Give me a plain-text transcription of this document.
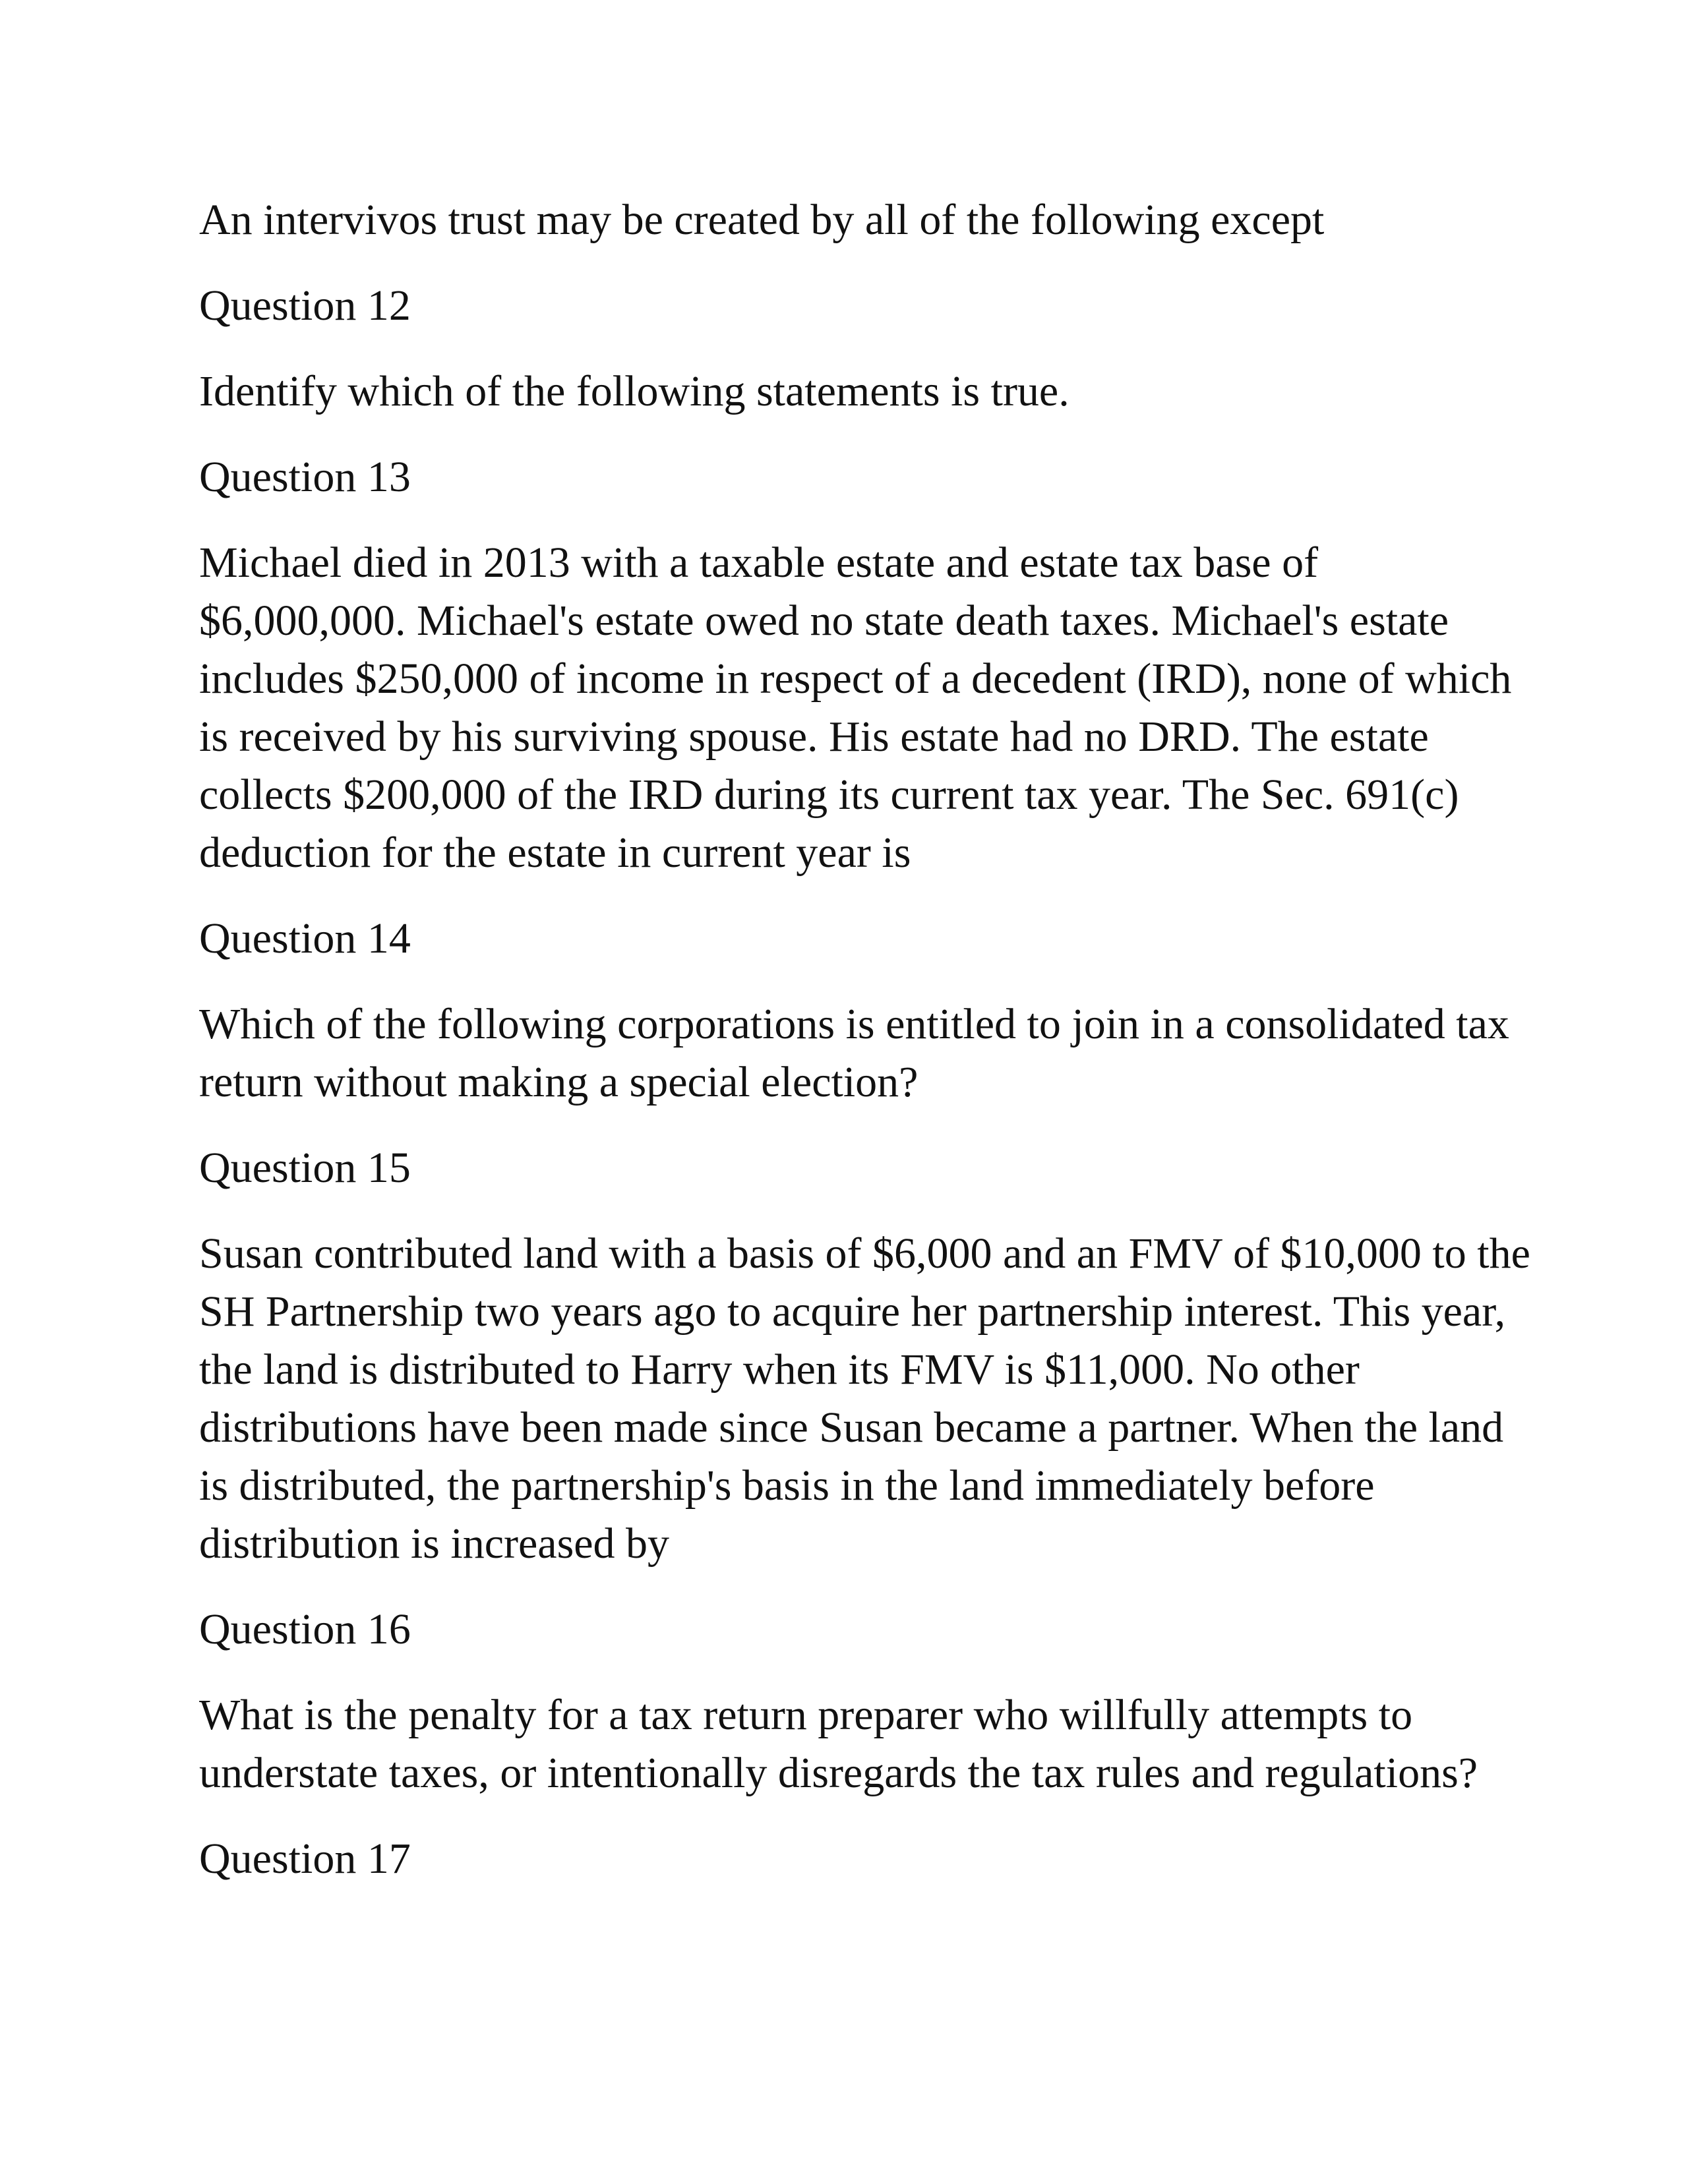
An intervivos trust may be created by all of the following except

Question 12

Identify which of the following statements is true.

Question 13

Michael died in 2013 with a taxable estate and estate tax base of $6,000,000. Michael's estate owed no state death taxes. Michael's estate includes $250,000 of income in respect of a decedent (IRD), none of which is received by his surviving spouse. His estate had no DRD. The estate collects $200,000 of the IRD during its current tax year. The Sec. 691(c) deduction for the estate in current year is

Question 14

Which of the following corporations is entitled to join in a consolidated tax return without making a special election?

Question 15

Susan contributed land with a basis of $6,000 and an FMV of $10,000 to the SH Partnership two years ago to acquire her partnership interest. This year, the land is distributed to Harry when its FMV is $11,000. No other distributions have been made since Susan became a partner. When the land is distributed, the partnership's basis in the land immediately before distribution is increased by

Question 16

What is the penalty for a tax return preparer who willfully attempts to understate taxes, or intentionally disregards the tax rules and regulations?

Question 17
